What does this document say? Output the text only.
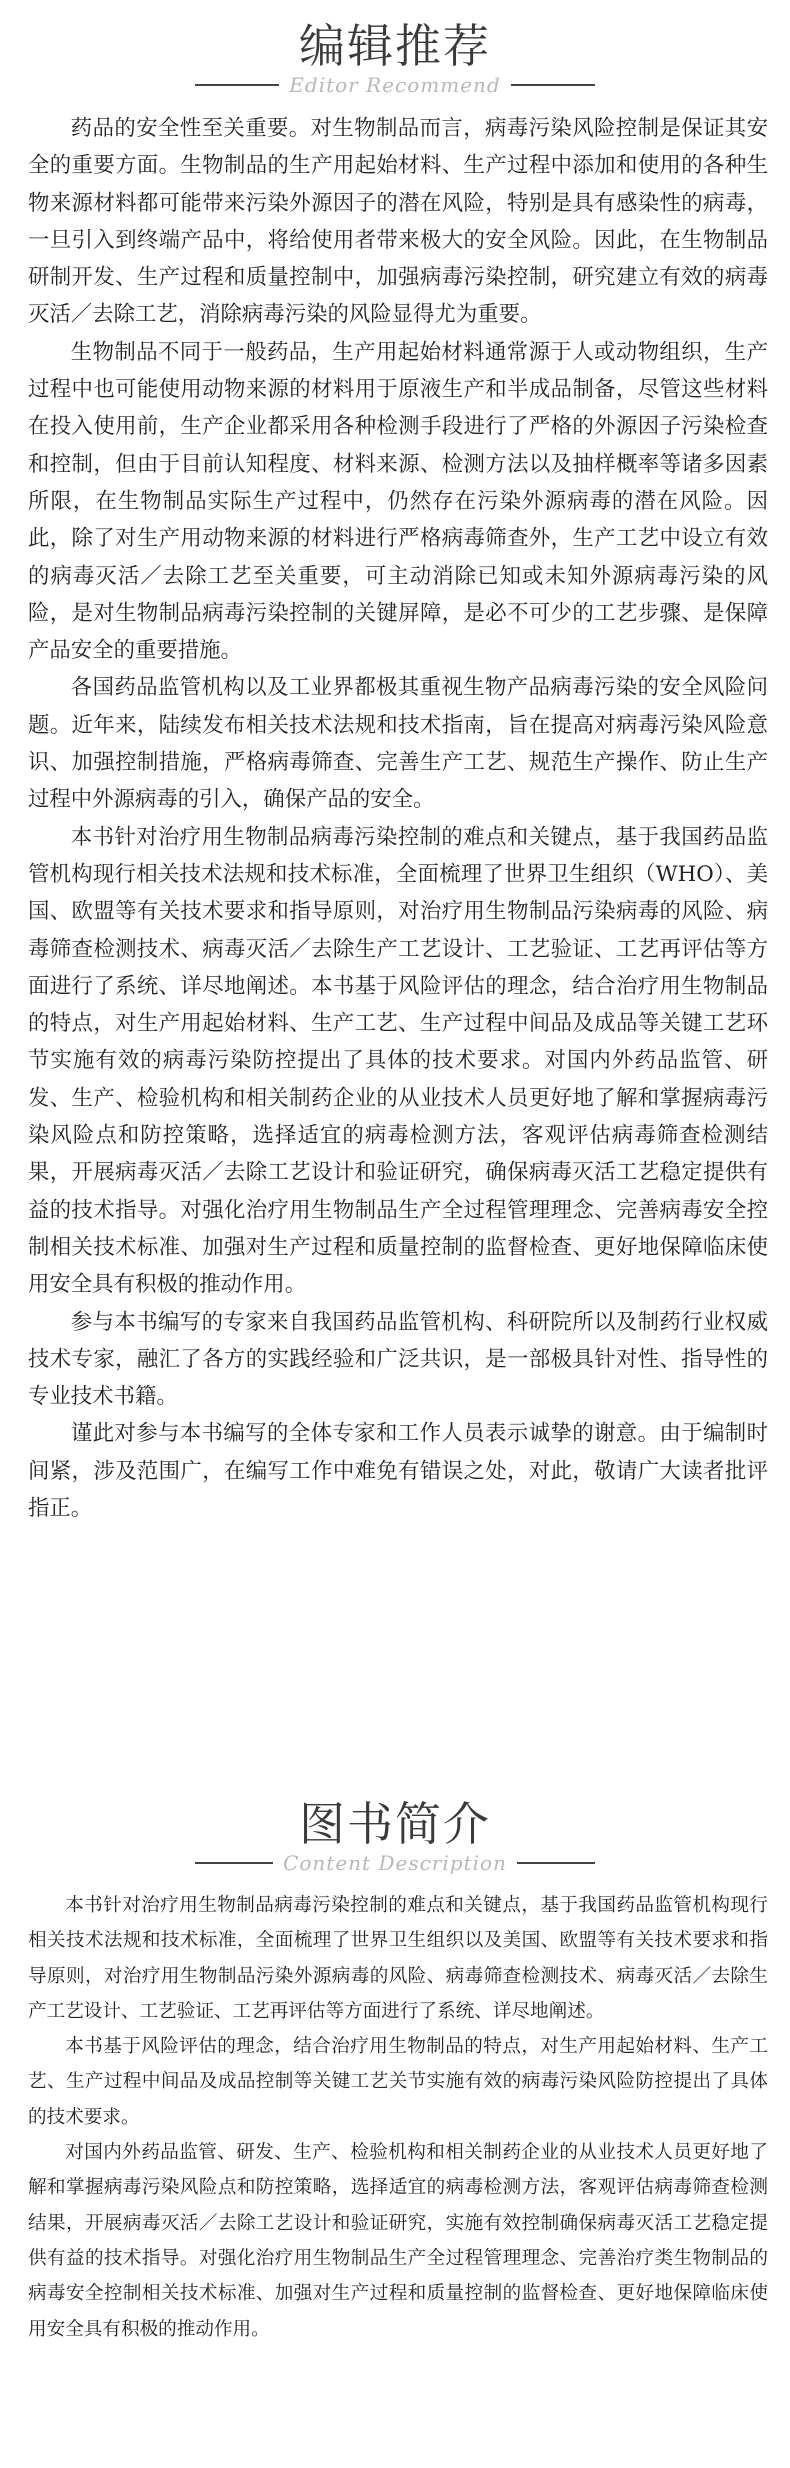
Editor Recommend
编辑推荐

药品的安全性至关重要。对生物制品而言，病毒污染风险控制是保证其安全的重要方面。生物制品的生产用起始材料、生产过程中添加和使用的各种生物来源材料都可能带来污染外源因子的潜在风险，特别是具有感染性的病毒，一旦引入到终端产品中，将给使用者带来极大的安全风险。因此，在生物制品研制开发、生产过程和质量控制中，加强病毒污染控制，研究建立有效的病毒灭活／去除工艺，消除病毒污染的风险显得尤为重要。

生物制品不同于一般药品，生产用起始材料通常源于人或动物组织，生产过程中也可能使用动物来源的材料用于原液生产和半成品制备，尽管这些材料在投入使用前，生产企业都采用各种检测手段进行了严格的外源因子污染检查和控制，但由于目前认知程度、材料来源、检测方法以及抽样概率等诸多因素所限，在生物制品实际生产过程中，仍然存在污染外源病毒的潜在风险。因此，除了对生产用动物来源的材料进行严格病毒筛查外，生产工艺中设立有效的病毒灭活／去除工艺至关重要，可主动消除已知或未知外源病毒污染的风险，是对生物制品病毒污染控制的关键屏障，是必不可少的工艺步骤、是保障产品安全的重要措施。

各国药品监管机构以及工业界都极其重视生物产品病毒污染的安全风险问题。近年来，陆续发布相关技术法规和技术指南，旨在提高对病毒污染风险意识、加强控制措施，严格病毒筛查、完善生产工艺、规范生产操作、防止生产过程中外源病毒的引入，确保产品的安全。

本书针对治疗用生物制品病毒污染控制的难点和关键点，基于我国药品监管机构现行相关技术法规和技术标准，全面梳理了世界卫生组织（WHO）、美国、欧盟等有关技术要求和指导原则，对治疗用生物制品污染病毒的风险、病毒筛查检测技术、病毒灭活／去除生产工艺设计、工艺验证、工艺再评估等方面进行了系统、详尽地阐述。本书基于风险评估的理念，结合治疗用生物制品的特点，对生产用起始材料、生产工艺、生产过程中间品及成品等关键工艺环节实施有效的病毒污染防控提出了具体的技术要求。对国内外药品监管、研发、生产、检验机构和相关制药企业的从业技术人员更好地了解和掌握病毒污染风险点和防控策略，选择适宜的病毒检测方法，客观评估病毒筛查检测结果，开展病毒灭活／去除工艺设计和验证研究，确保病毒灭活工艺稳定提供有益的技术指导。对强化治疗用生物制品生产全过程管理理念、完善病毒安全控制相关技术标准、加强对生产过程和质量控制的监督检查、更好地保障临床使用安全具有积极的推动作用。

参与本书编写的专家来自我国药品监管机构、科研院所以及制药行业权威技术专家，融汇了各方的实践经验和广泛共识，是一部极具针对性、指导性的专业技术书籍。

谨此对参与本书编写的全体专家和工作人员表示诚挚的谢意。由于编制时间紧，涉及范围广，在编写工作中难免有错误之处，对此，敬请广大读者批评指正。

Content Description
图书简介

本书针对治疗用生物制品病毒污染控制的难点和关键点，基于我国药品监管机构现行相关技术法规和技术标准，全面梳理了世界卫生组织以及美国、欧盟等有关技术要求和指导原则，对治疗用生物制品污染外源病毒的风险、病毒筛查检测技术、病毒灭活／去除生产工艺设计、工艺验证、工艺再评估等方面进行了系统、详尽地阐述。

本书基于风险评估的理念，结合治疗用生物制品的特点，对生产用起始材料、生产工艺、生产过程中间品及成品控制等关键工艺关节实施有效的病毒污染风险防控提出了具体的技术要求。

对国内外药品监管、研发、生产、检验机构和相关制药企业的从业技术人员更好地了解和掌握病毒污染风险点和防控策略，选择适宜的病毒检测方法，客观评估病毒筛查检测结果，开展病毒灭活／去除工艺设计和验证研究，实施有效控制确保病毒灭活工艺稳定提供有益的技术指导。对强化治疗用生物制品生产全过程管理理念、完善治疗类生物制品的病毒安全控制相关技术标准、加强对生产过程和质量控制的监督检查、更好地保障临床使用安全具有积极的推动作用。
